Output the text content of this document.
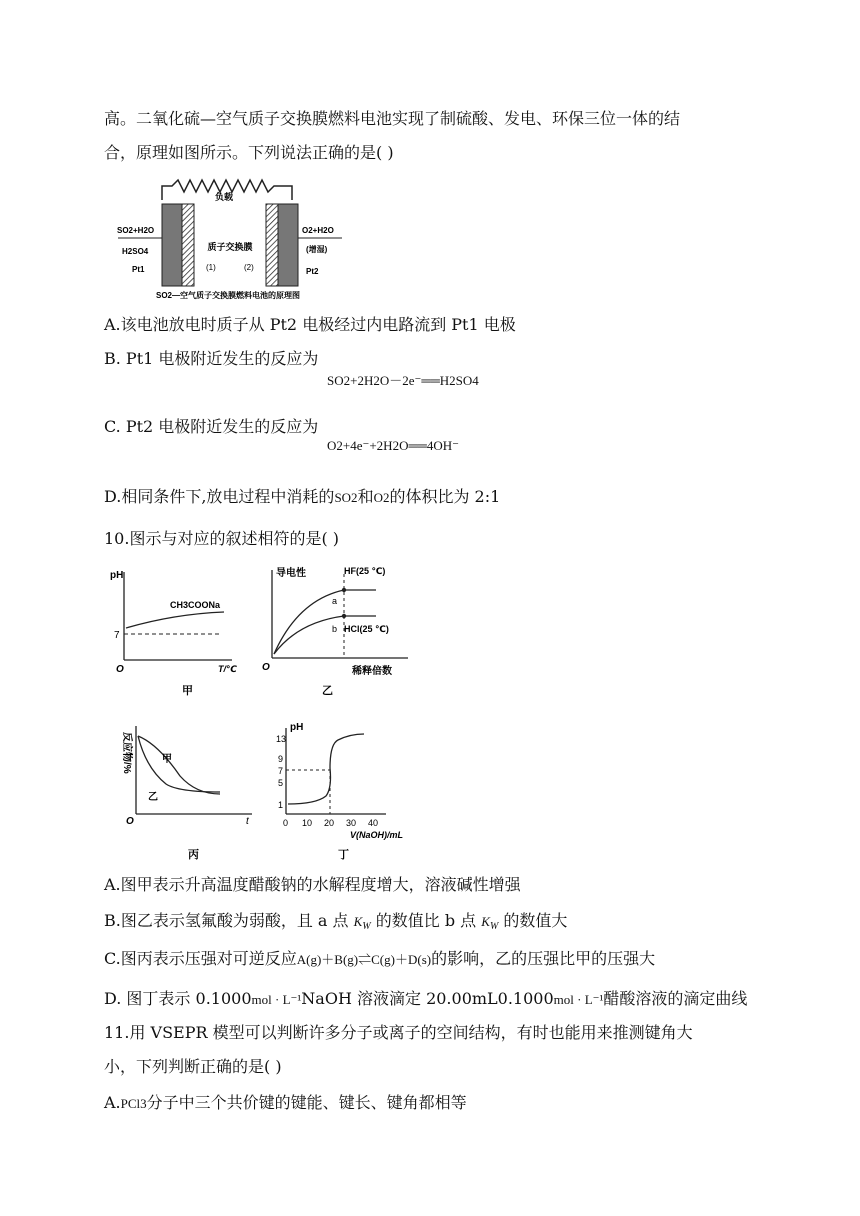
高。二氧化硫—空气质子交换膜燃料电池实现了制硫酸、发电、环保三位一体的结
合，原理如图所示。下列说法正确的是( )
负载
SO2+H2O
H2SO4
Pt1
O2+H2O
(增湿)
Pt2
质子交换膜
(1)	(2)
SO2—空气质子交换膜燃料电池的原理图
A.该电池放电时质子从 Pt2 电极经过内电路流到 Pt1 电极
B. Pt1 电极附近发生的反应为
SO2+2H2O－2e⁻══H2SO4
C. Pt2 电极附近发生的反应为
O2+4e⁻+2H2O══4OH⁻
D.相同条件下,放电过程中消耗的SO2和O2的体积比为 2:1
10.图示与对应的叙述相符的是( )
pH
7
CH3COONa
O	T/℃
甲
导电性	HF(25 ℃)
HCl(25 ℃)
a
b
O	稀释倍数
乙
反应物/%	甲
乙
O	t
丙
pH
13
9
7
5
1
0 10 20 30 40
V(NaOH)/mL
丁
A.图甲表示升高温度醋酸钠的水解程度增大，溶液碱性增强
B.图乙表示氢氟酸为弱酸，且 a 点 $K_W$ 的数值比 b 点 $K_W$ 的数值大
C.图丙表示压强对可逆反应A(g)＋B(g)⇌C(g)＋D(s)的影响，乙的压强比甲的压强大
D. 图丁表示 0.1000mol · L⁻¹NaOH 溶液滴定 20.00mL0.1000mol · L⁻¹醋酸溶液的滴定曲线
11.用 VSEPR 模型可以判断许多分子或离子的空间结构，有时也能用来推测键角大
小，下列判断正确的是( )
A.PCl3分子中三个共价键的键能、键长、键角都相等
